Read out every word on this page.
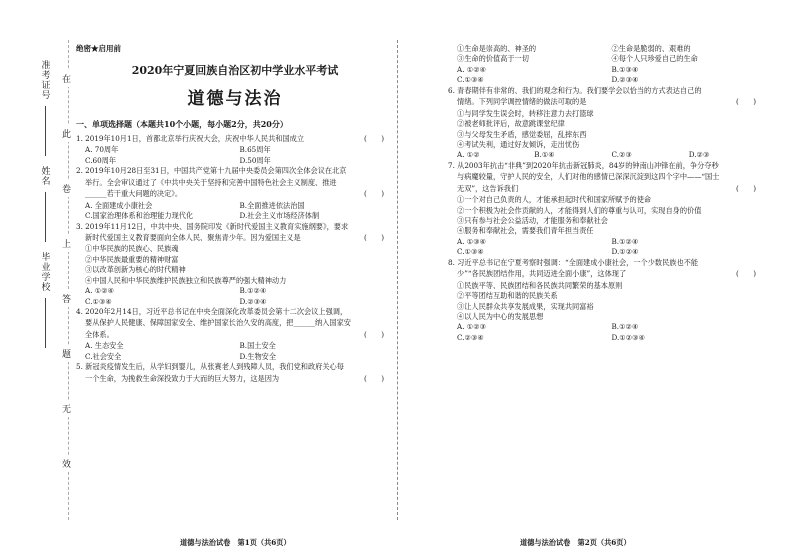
准考证号
姓名
毕业学校
在
此
卷
上
答
题
无
效
绝密★启用前
2020年宁夏回族自治区初中学业水平考试
道德与法治
一、单项选择题（本题共10个小题，每小题2分，共20分）
(　　)
1. 2019年10月1日，首都北京举行庆祝大会，庆祝中华人民共和国成立
A. 70周年	B.65周年
C.60周年	D.50周年
2. 2019年10月28日至31日，中国共产党第十九届中央委员会第四次全体会议在北京
举行。全会审议通过了《中共中央关于坚持和完善中国特色社会主义制度、推进
(　　)
______若干重大问题的决定》。
A. 全面建成小康社会	B.全面推进依法治国
C.国家治理体系和治理能力现代化	D.社会主义市场经济体制
3. 2019年11月12日，中共中央、国务院印发《新时代爱国主义教育实施纲要》，要求
(　　)
新时代爱国主义教育要面向全体人民、聚焦青少年。因为爱国主义是
①中华民族的民族心、民族魂
②中华民族最重要的精神财富
③以改革创新为核心的时代精神
④中国人民和中华民族维护民族独立和民族尊严的强大精神动力
A. ①②④	B.①②④
C.①③④	D.②③④
4. 2020年2月14日，习近平总书记在中央全面深化改革委员会第十二次会议上强调，
要从保护人民健康、保障国家安全、维护国家长治久安的高度，把______纳入国家安
(　　)
全体系。
A. 生态安全	B.国土安全
C.社会安全	D.生物安全
5. 新冠炎疫情发生后，从学妇到婴儿，从张赛老人到残障人员，我们党和政府关心每
(　　)
一个生命，为挽救生命深投致力于大而的巨大努力，这是因为
①生命是崇高的、神圣的	②生命是脆弱的、艰难的
③生命的价值高于一切	④每个人只珍爱自己的生命
A. ①②④	B.①③④
C.①③④	D.②③④
6. 青春期伴有非常的、我们的观念和行为。我们要学会以恰当的方式表达自己的
(　　)
情绪。下列同学调控情绪的做法可取的是
①与同学发生误会时，转移注意力去打篮球
②被老师批评后，故意跳课堂纪律
③与父母发生矛盾，感觉委屈，乱摔东西
④考试失利，通过好友倾诉，走出忧伤
A. ①②	B.①④	C.②③	D.②③
7. 从2003年抗击“非典”到2020年抗击新冠肺炎，84岁的钟南山冲锋在前，争分夺秒
与病魔较量，守护人民的安全，人们对他的感情已深深沉淀到这四个字中——“国士
(　　)
无双”，这告诉我们
①一个对自己负责的人，才能承担起时代和国家所赋予的使命
②一个积极为社会作贡献的人，才能得到人们的尊重与认可，实现自身的价值
③只有参与社会公益活动，才能服务和奉献社会
④服务和奉献社会，需要我们青年担当责任
A. ①③④	B.①②④
C.①③④	D.①②④
8. 习近平总书记在宁夏考察时强调：“全面建成小康社会，一个少数民族也不能
(　　)
少”“各民族团结作用，共同迈进全面小康”，这体现了
①民族平等、民族团结和各民族共同繁荣的基本原则
②平等团结互助和谐的民族关系
③让人民群众共享发展成果，实现共同富裕
④以人民为中心的发展思想
A. ①②③	B.①②④
C.②③④	D.①②③④
道德与法治试卷　第1页（共6页）	道德与法治试卷　第2页（共6页）
